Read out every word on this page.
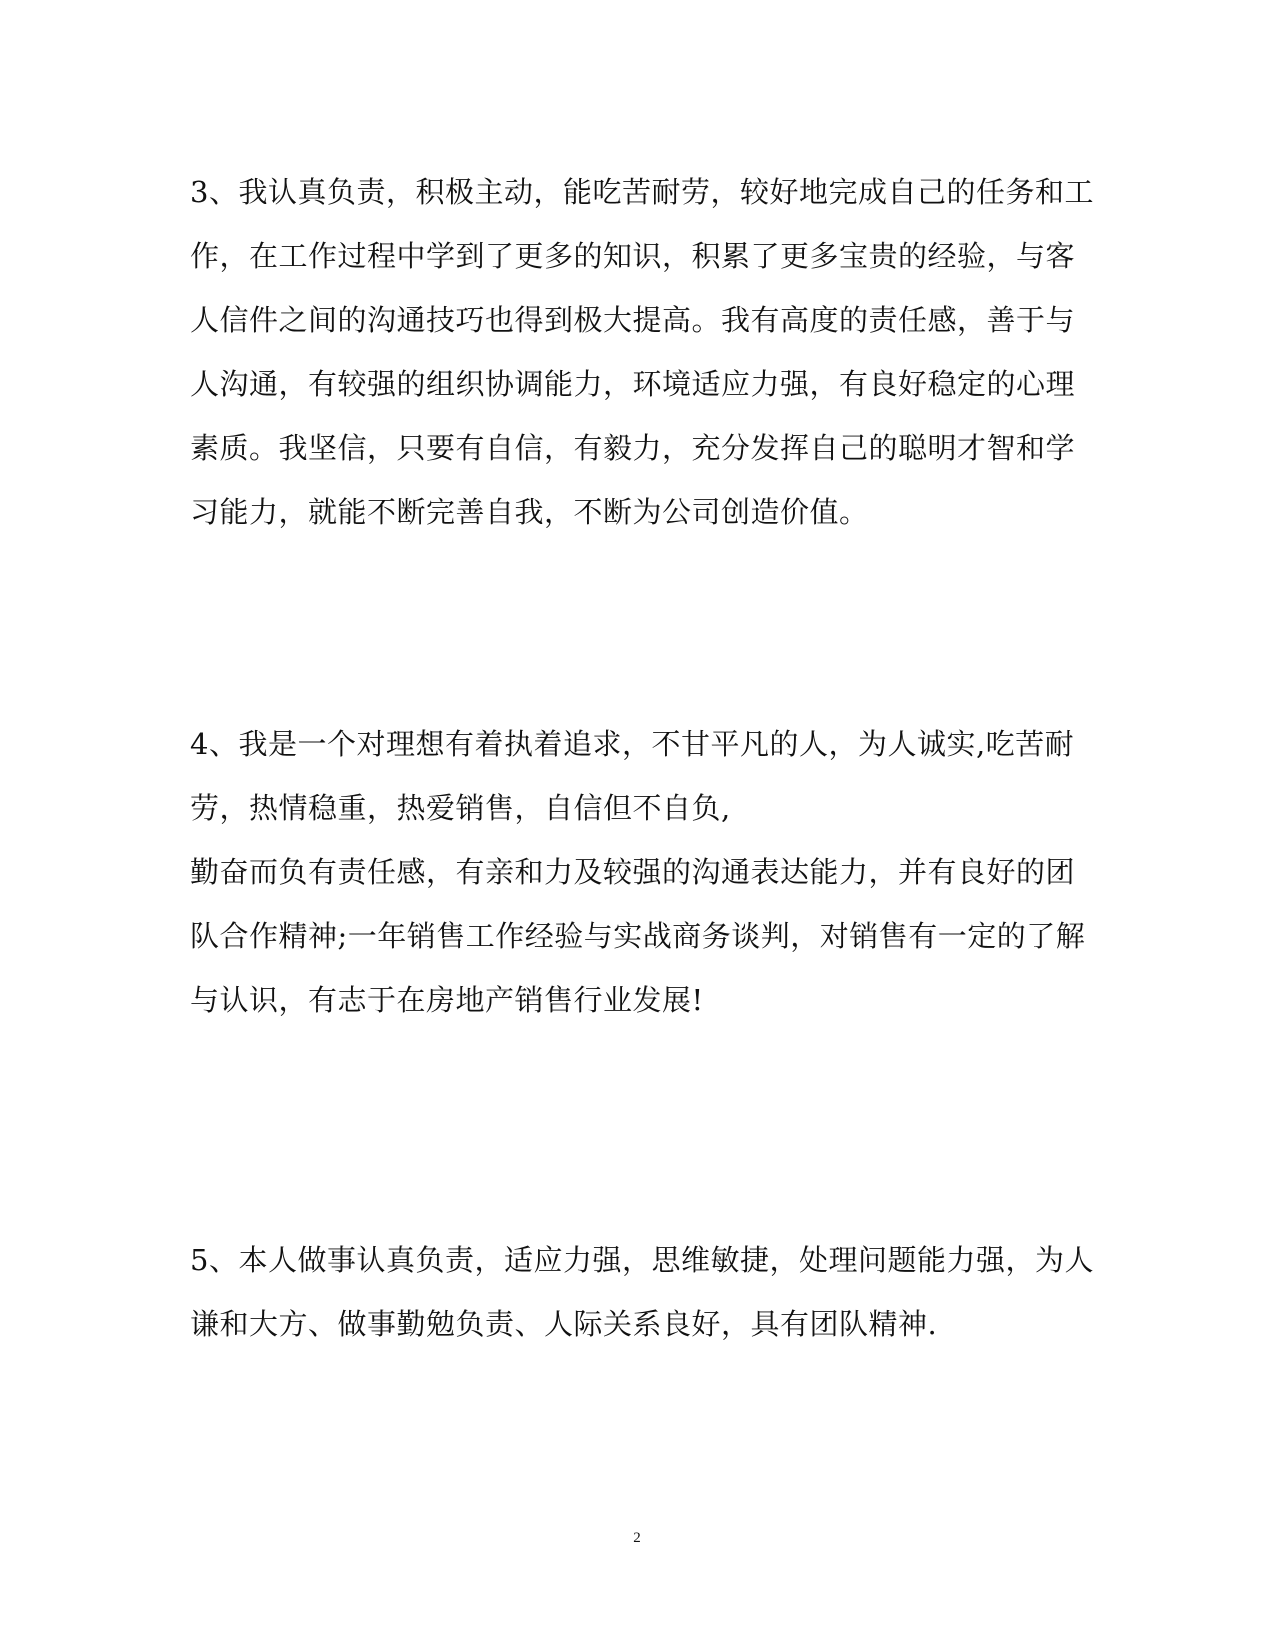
3、我认真负责，积极主动，能吃苦耐劳，较好地完成自己的任务和工
作，在工作过程中学到了更多的知识，积累了更多宝贵的经验，与客
人信件之间的沟通技巧也得到极大提高。我有高度的责任感，善于与
人沟通，有较强的组织协调能力，环境适应力强，有良好稳定的心理
素质。我坚信，只要有自信，有毅力，充分发挥自己的聪明才智和学
习能力，就能不断完善自我，不断为公司创造价值。
4、我是一个对理想有着执着追求，不甘平凡的人，为人诚实,吃苦耐
劳，热情稳重，热爱销售，自信但不自负,
勤奋而负有责任感，有亲和力及较强的沟通表达能力，并有良好的团
队合作精神;一年销售工作经验与实战商务谈判，对销售有一定的了解
与认识，有志于在房地产销售行业发展!
5、本人做事认真负责，适应力强，思维敏捷，处理问题能力强，为人
谦和大方、做事勤勉负责、人际关系良好，具有团队精神.
2
